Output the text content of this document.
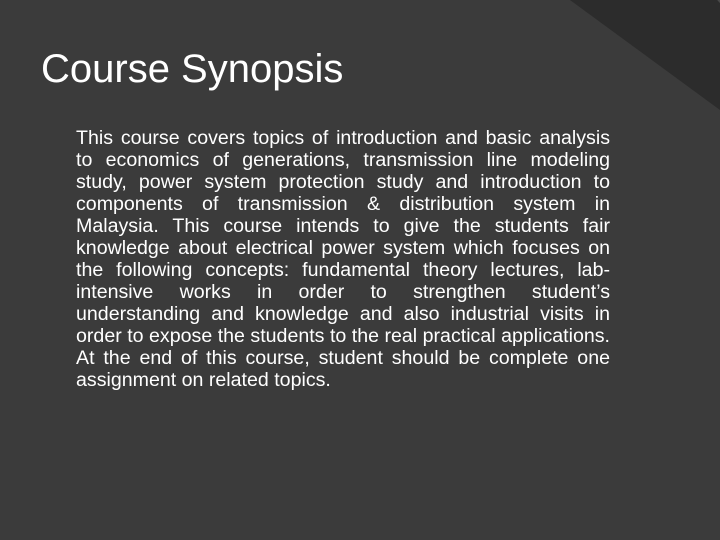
Course Synopsis

This course covers topics of introduction and basic analysis to economics of generations, transmission line modeling study, power system protection study and introduction to components of transmission & distribution system in Malaysia. This course intends to give the students fair knowledge about electrical power system which focuses on the following concepts: fundamental theory lectures, lab-intensive works in order to strengthen student’s understanding and knowledge and also industrial visits in order to expose the students to the real practical applications. At the end of this course, student should be complete one assignment on related topics.
